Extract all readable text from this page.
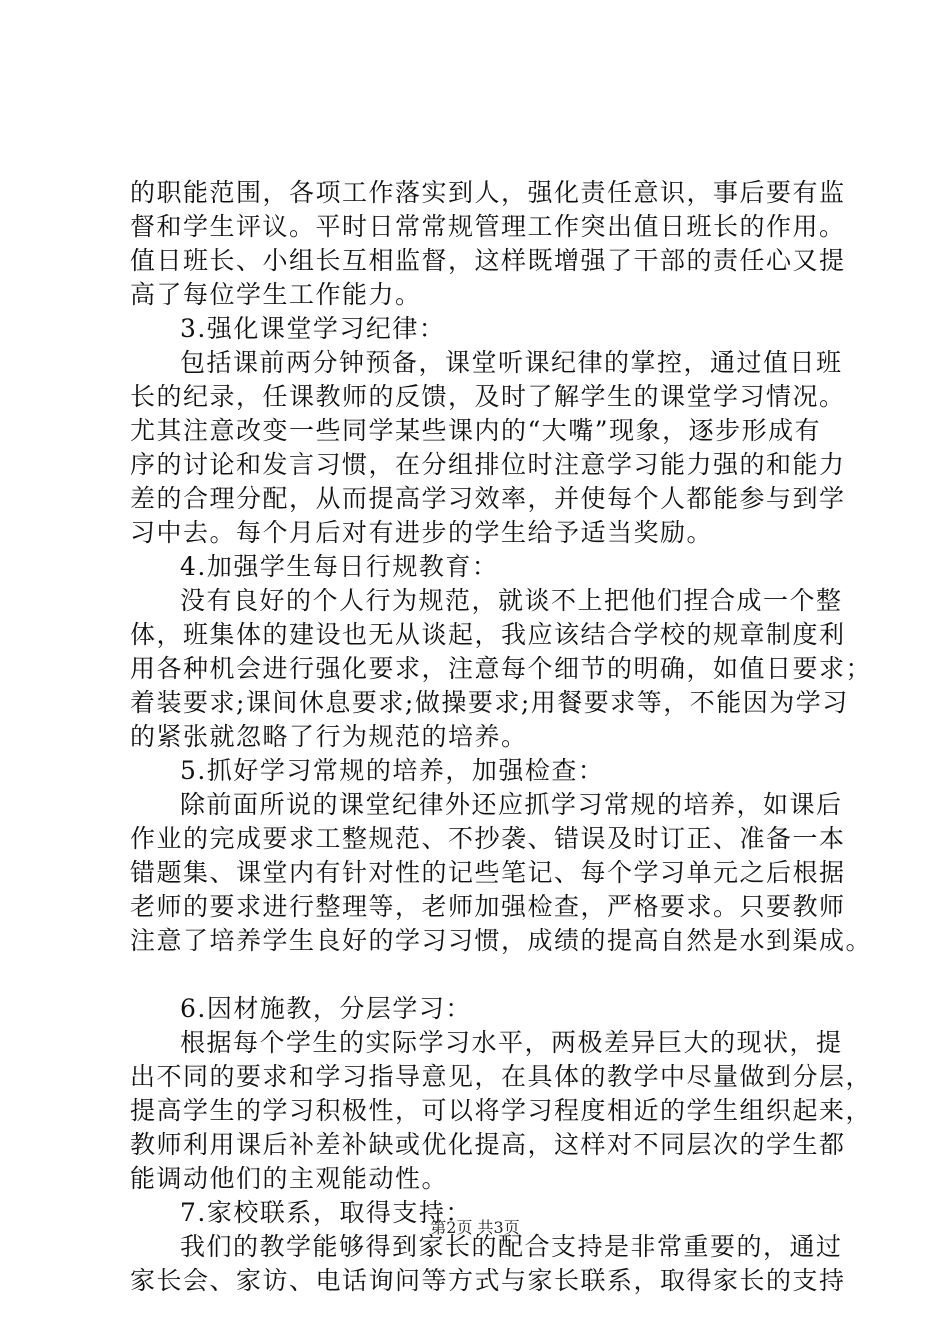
的职能范围，各项工作落实到人，强化责任意识，事后要有监
督和学生评议。平时日常常规管理工作突出值日班长的作用。
值日班长、小组长互相监督，这样既增强了干部的责任心又提
高了每位学生工作能力。
3.强化课堂学习纪律：
包括课前两分钟预备，课堂听课纪律的掌控，通过值日班
长的纪录，任课教师的反馈，及时了解学生的课堂学习情况。
尤其注意改变一些同学某些课内的“大嘴”现象，逐步形成有
序的讨论和发言习惯，在分组排位时注意学习能力强的和能力
差的合理分配，从而提高学习效率，并使每个人都能参与到学
习中去。每个月后对有进步的学生给予适当奖励。
4.加强学生每日行规教育：
没有良好的个人行为规范，就谈不上把他们捏合成一个整
体，班集体的建设也无从谈起，我应该结合学校的规章制度利
用各种机会进行强化要求，注意每个细节的明确，如值日要求；
着装要求;课间休息要求;做操要求;用餐要求等，不能因为学习
的紧张就忽略了行为规范的培养。
5.抓好学习常规的培养，加强检查：
除前面所说的课堂纪律外还应抓学习常规的培养，如课后
作业的完成要求工整规范、不抄袭、错误及时订正、准备一本
错题集、课堂内有针对性的记些笔记、每个学习单元之后根据
老师的要求进行整理等，老师加强检查，严格要求。只要教师
注意了培养学生良好的学习习惯，成绩的提高自然是水到渠成。
6.因材施教，分层学习：
根据每个学生的实际学习水平，两极差异巨大的现状，提
出不同的要求和学习指导意见，在具体的教学中尽量做到分层，
提高学生的学习积极性，可以将学习程度相近的学生组织起来，
教师利用课后补差补缺或优化提高，这样对不同层次的学生都
能调动他们的主观能动性。
7.家校联系，取得支持：
我们的教学能够得到家长的配合支持是非常重要的，通过
家长会、家访、电话询问等方式与家长联系，取得家长的支持
第2页 共3页
